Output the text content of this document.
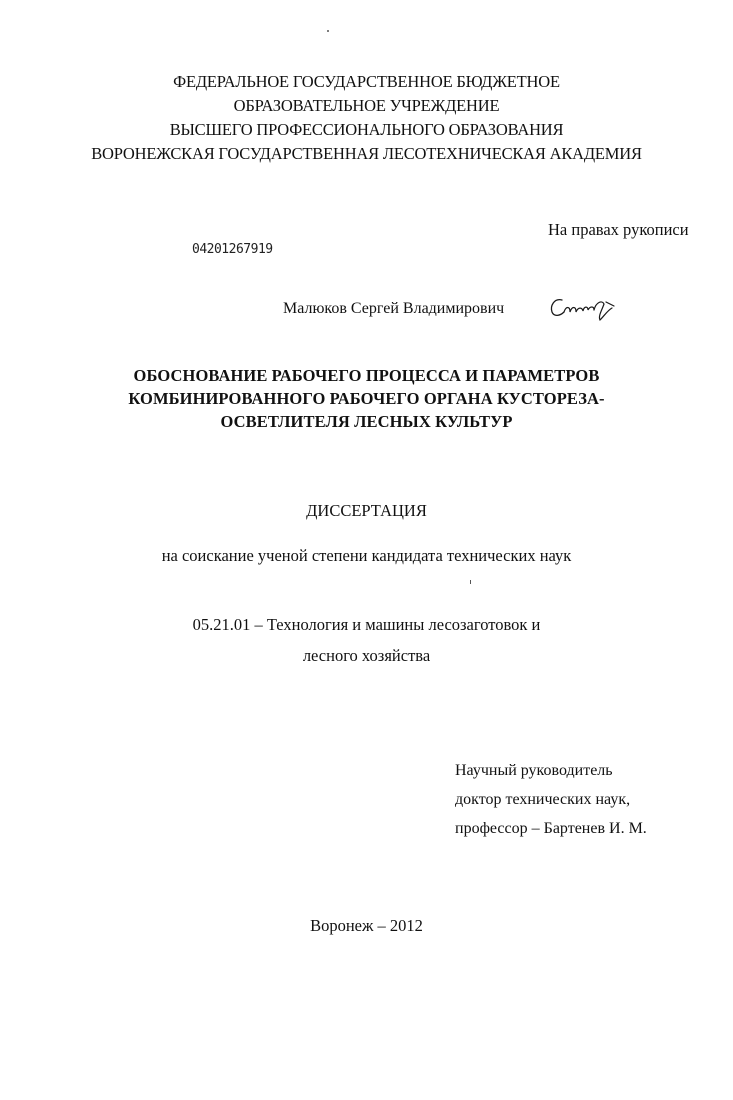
ФЕДЕРАЛЬНОЕ ГОСУДАРСТВЕННОЕ БЮДЖЕТНОЕ
ОБРАЗОВАТЕЛЬНОЕ УЧРЕЖДЕНИЕ
ВЫСШЕГО ПРОФЕССИОНАЛЬНОГО ОБРАЗОВАНИЯ
ВОРОНЕЖСКАЯ ГОСУДАРСТВЕННАЯ ЛЕСОТЕХНИЧЕСКАЯ АКАДЕМИЯ
На правах рукописи
04201267919
Малюков Сергей Владимирович
ОБОСНОВАНИЕ РАБОЧЕГО ПРОЦЕССА И ПАРАМЕТРОВ
КОМБИНИРОВАННОГО РАБОЧЕГО ОРГАНА КУСТОРЕЗА-
ОСВЕТЛИТЕЛЯ ЛЕСНЫХ КУЛЬТУР
ДИССЕРТАЦИЯ
на соискание ученой степени кандидата технических наук
05.21.01 – Технология и машины лесозаготовок и
лесного хозяйства
Научный руководитель
доктор технических наук,
профессор – Бартенев И. М.
Воронеж – 2012
